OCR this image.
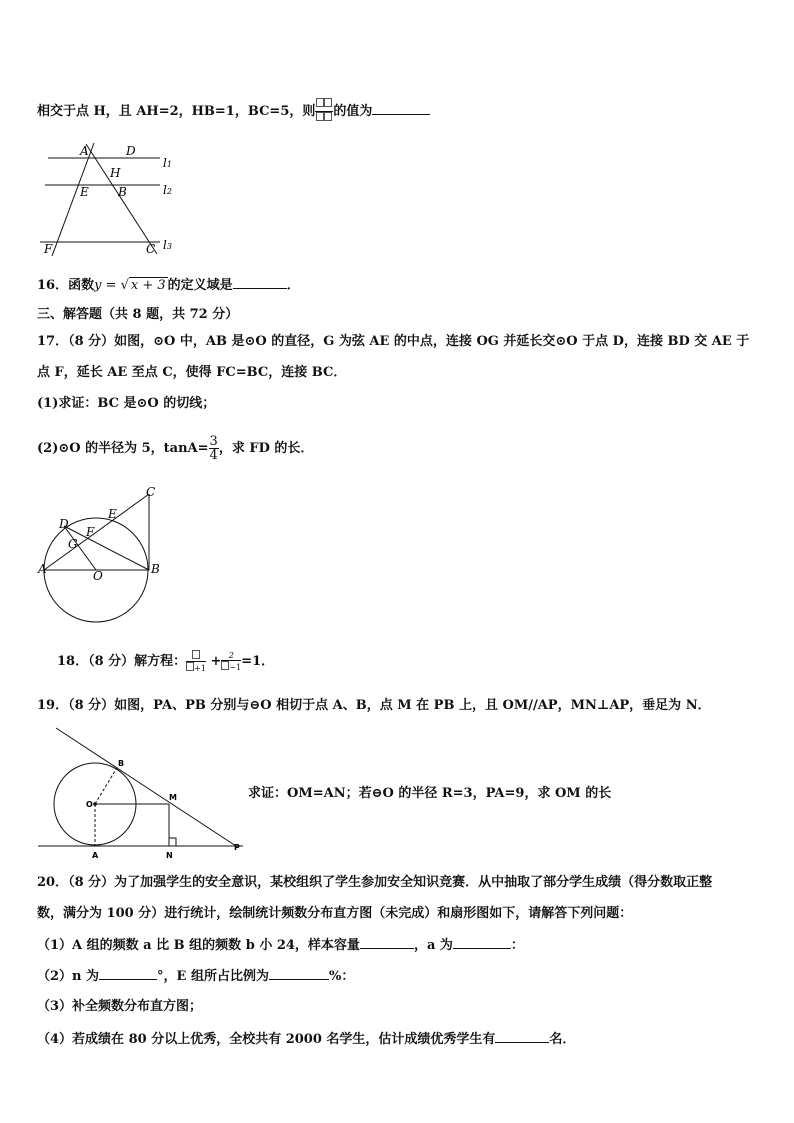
相交于点 H，且 AH=2，HB=1，BC=5，则 的值为
A	D
H
E B
F	C
l1
l2
l3
16．函数y = √ x + 3 的定义域是	．
三、解答题（共 8 题，共 72 分）
17．（8 分）如图，⊙O 中，AB 是⊙O 的直径，G 为弦 AE 的中点，连接 OG 并延长交⊙O 于点 D，连接 BD 交 AE 于
点 F，延长 AE 至点 C，使得 FC=BC，连接 BC．
(1)求证：BC 是⊙O 的切线；
(2)⊙O 的半径为 5，$\tan A= \frac{3}{4}$ ，求 FD 的长．
C
E
D
F
G
A	O	B
18．（8 分）解方程：	$+1 + \frac{2}{-1} =1$．
19．（8 分）如图，PA、PB 分别与⊖O 相切于点 A、B，点 M 在 PB 上，且 OM//AP，MN⊥AP，垂足为 N．
B
O
M
A	N
P
求证：OM=AN；若⊖O 的半径 R=3，PA=9，求 OM 的长
20．（8 分）为了加强学生的安全意识，某校组织了学生参加安全知识竞赛．从中抽取了部分学生成绩（得分数取正整
数，满分为 100 分）进行统计，绘制统计频数分布直方图（未完成）和扇形图如下，请解答下列问题：
（1）A 组的频数 a 比 B 组的频数 b 小 24，样本容量	，a 为	：
（2）n 为	°，E 组所占比例为	%：
（3）补全频数分布直方图；
（4）若成绩在 80 分以上优秀，全校共有 2000 名学生，估计成绩优秀学生有	名．
